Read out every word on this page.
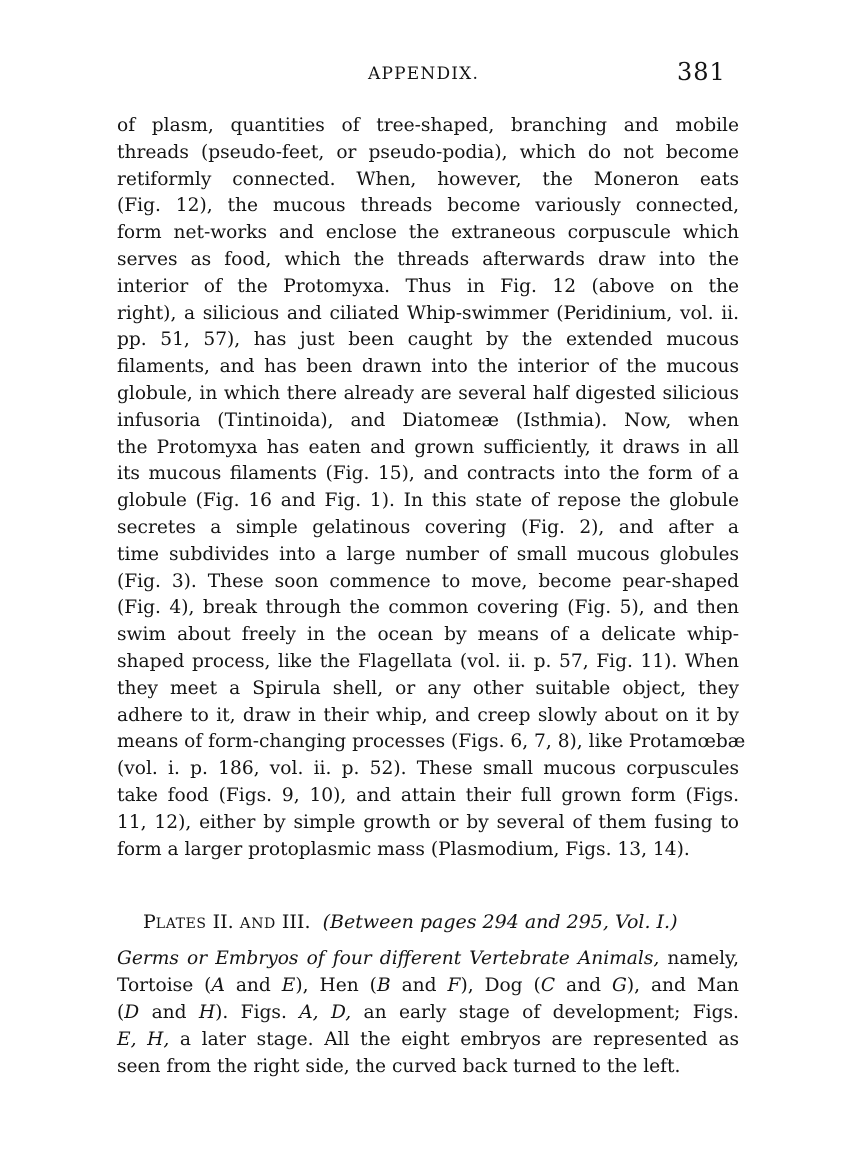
APPENDIX.	381
of plasm, quantities of tree-shaped, branching and mobile
threads (pseudo-feet, or pseudo-podia), which do not become
retiformly connected. When, however, the Moneron eats
(Fig. 12), the mucous threads become variously connected,
form net-works and enclose the extraneous corpuscule which
serves as food, which the threads afterwards draw into the
interior of the Protomyxa. Thus in Fig. 12 (above on the
right), a silicious and ciliated Whip-swimmer (Peridinium, vol. ii.
pp. 51, 57), has just been caught by the extended mucous
filaments, and has been drawn into the interior of the mucous
globule, in which there already are several half digested silicious
infusoria (Tintinoida), and Diatomeæ (Isthmia). Now, when
the Protomyxa has eaten and grown sufficiently, it draws in all
its mucous filaments (Fig. 15), and contracts into the form of a
globule (Fig. 16 and Fig. 1). In this state of repose the globule
secretes a simple gelatinous covering (Fig. 2), and after a
time subdivides into a large number of small mucous globules
(Fig. 3). These soon commence to move, become pear-shaped
(Fig. 4), break through the common covering (Fig. 5), and then
swim about freely in the ocean by means of a delicate whip-
shaped process, like the Flagellata (vol. ii. p. 57, Fig. 11). When
they meet a Spirula shell, or any other suitable object, they
adhere to it, draw in their whip, and creep slowly about on it by
means of form-changing processes (Figs. 6, 7, 8), like Protamœbæ
(vol. i. p. 186, vol. ii. p. 52). These small mucous corpuscules
take food (Figs. 9, 10), and attain their full grown form (Figs.
11, 12), either by simple growth or by several of them fusing to
form a larger protoplasmic mass (Plasmodium, Figs. 13, 14).
PLATES II. AND III. (Between pages 294 and 295, Vol. I.)
Germs or Embryos of four different Vertebrate Animals, namely,
Tortoise (A and E), Hen (B and F), Dog (C and G), and Man
(D and H). Figs. A, D, an early stage of development; Figs.
E, H, a later stage. All the eight embryos are represented as
seen from the right side, the curved back turned to the left.
